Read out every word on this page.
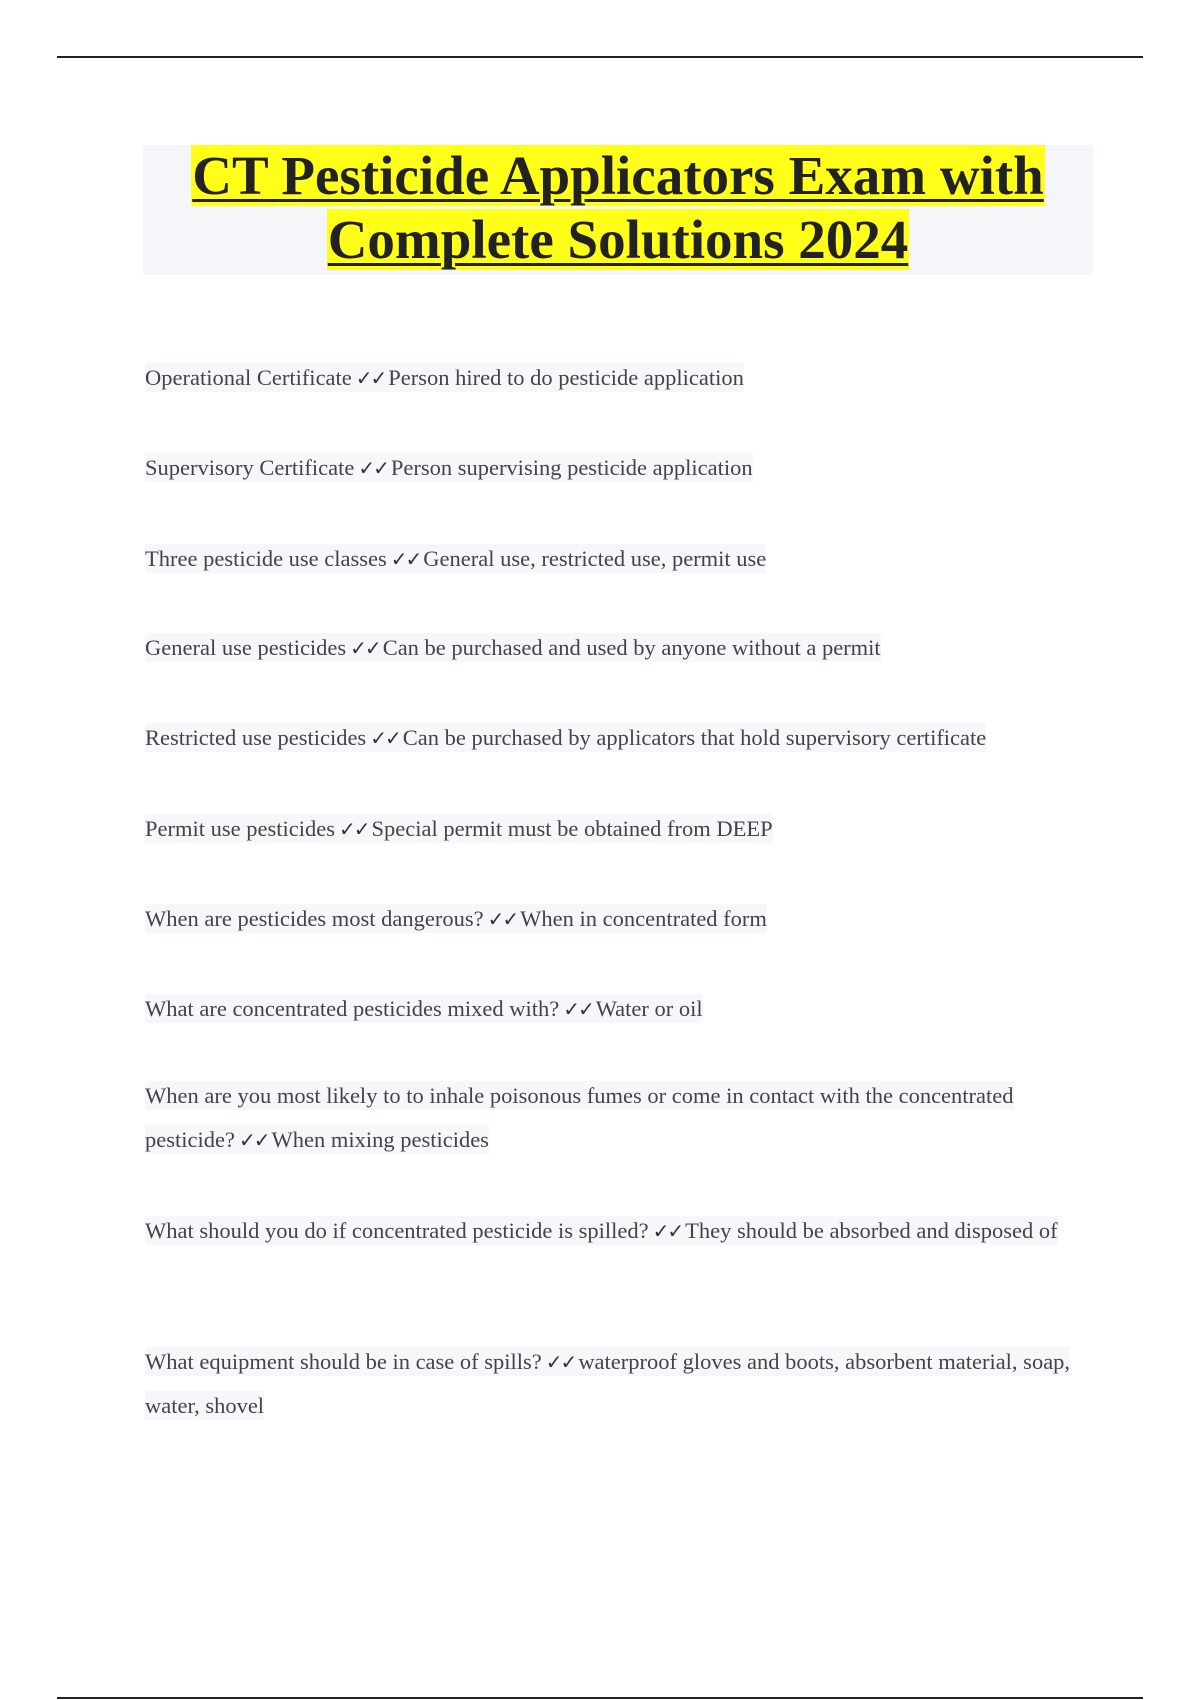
CT Pesticide Applicators Exam with
Complete Solutions 2024
Operational Certificate ✓✓ Person hired to do pesticide application
Supervisory Certificate ✓✓ Person supervising pesticide application
Three pesticide use classes ✓✓ General use, restricted use, permit use
General use pesticides ✓✓ Can be purchased and used by anyone without a permit
Restricted use pesticides ✓✓ Can be purchased by applicators that hold supervisory certificate
Permit use pesticides ✓✓ Special permit must be obtained from DEEP
When are pesticides most dangerous? ✓✓ When in concentrated form
What are concentrated pesticides mixed with? ✓✓ Water or oil
When are you most likely to to inhale poisonous fumes or come in contact with the concentrated pesticide? ✓✓ When mixing pesticides
What should you do if concentrated pesticide is spilled? ✓✓ They should be absorbed and disposed of
What equipment should be in case of spills? ✓✓ waterproof gloves and boots, absorbent material, soap, water, shovel
